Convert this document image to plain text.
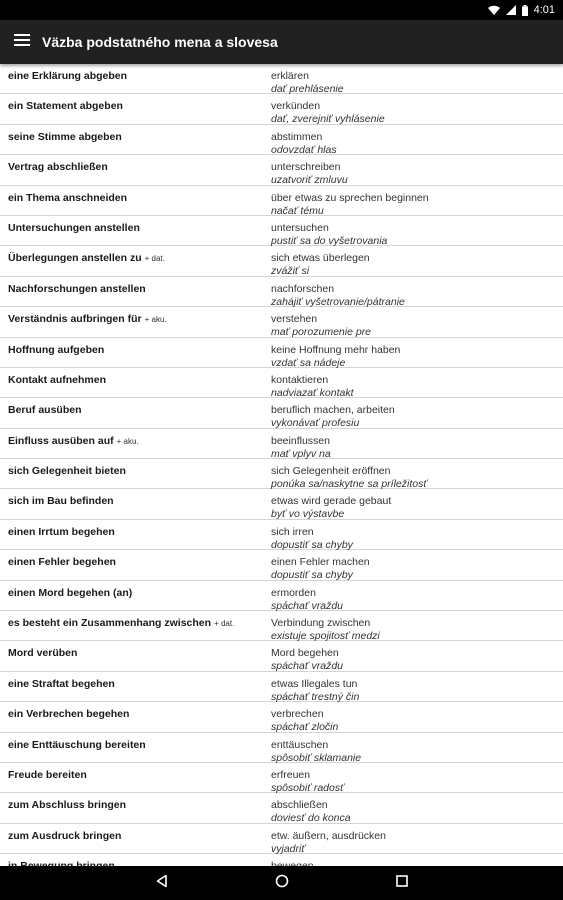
4:01
Väzba podstatného mena a slovesa
eine Erklärung abgeben	erklären
dať prehlásenie
ein Statement abgeben	verkünden
dať, zverejniť vyhlásenie
seine Stimme abgeben	abstimmen
odovzdať hlas
Vertrag abschließen	unterschreiben
uzatvoriť zmluvu
ein Thema anschneiden	über etwas zu sprechen beginnen
načať tému
Untersuchungen anstellen	untersuchen
pustiť sa do vyšetrovania
Überlegungen anstellen zu + dat.	sich etwas überlegen
zvážiť si
Nachforschungen anstellen	nachforschen
zahájiť vyšetrovanie/pátranie
Verständnis aufbringen für + aku.	verstehen
mať porozumenie pre
Hoffnung aufgeben	keine Hoffnung mehr haben
vzdať sa nádeje
Kontakt aufnehmen	kontaktieren
nadviazať kontakt
Beruf ausüben	beruflich machen, arbeiten
vykonávať profesiu
Einfluss ausüben auf + aku.	beeinflussen
mať vplyv na
sich Gelegenheit bieten	sich Gelegenheit eröffnen
ponúka sa/naskytne sa príležitosť
sich im Bau befinden	etwas wird gerade gebaut
byť vo výstavbe
einen Irrtum begehen	sich irren
dopustiť sa chyby
einen Fehler begehen	einen Fehler machen
dopustiť sa chyby
einen Mord begehen (an)	ermorden
spáchať vraždu
es besteht ein Zusammenhang zwischen + dat.	Verbindung zwischen
existuje spojitosť medzi
Mord verüben	Mord begehen
spáchať vraždu
eine Straftat begehen	etwas Illegales tun
spáchať trestný čin
ein Verbrechen begehen	verbrechen
spáchať zločin
eine Enttäuschung bereiten	enttäuschen
spôsobiť sklamanie
Freude bereiten	erfreuen
spôsobiť radosť
zum Abschluss bringen	abschließen
doviesť do konca
zum Ausdruck bringen	etw. äußern, ausdrücken
vyjadriť
